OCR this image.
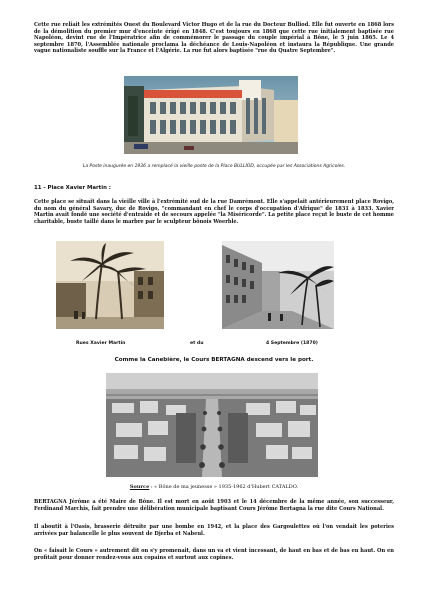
Cette rue reliait les extrémités Ouest du Boulevard Victor Hugo et de la rue du Docteur Bulliod. Elle fut ouverte en 1868 lors de la démolition du premier mur d'enceinte érigé en 1848. C'est toujours en 1868 que cette rue initialement baptisée rue Napoléon, devint rue de l'Impératrice afin de commémorer le passage du couple impérial à Bône, le 5 juin 1865. Le 4 septembre 1870, l'Assemblée nationale proclama la déchéance de Louis-Napoléon et instaura la République. Une grande vague nationaliste souffle sur la France et l'Algérie. La rue fut alors baptisée "rue du Quatre Septembre".
La Poste inaugurée en 1936 a remplacé la vieille poste de la Place BULLIOD, occupée par les Associations Agricoles.
11 - Place Xavier Martin :
Cette place se situait dans la vieille ville à l'extrémité sud de la rue Damrémont. Elle s'appelait antérieurement place Rovigo, du nom du général Savary, duc de Rovigo, "commandant en chef le corps d'occupation d'Afrique" de 1831 à 1833. Xavier Martin avait fondé une société d'entraide et de secours appelée "la Miséricorde". La petite place reçut le buste de cet homme charitable, buste taillé dans le marbre par le sculpteur bônois Woerble.
Rues Xavier Martin	et du	4 Septembre (1870)
Comme la Canebière, le Cours BERTAGNA descend vers le port.
Source : « Bône de ma jeunesse » 1935-1962 d'Hubert CATALDO.
BERTAGNA Jérôme a été Maire de Bône. Il est mort en août 1903 et le 14 décembre de la même année, son successeur, Ferdinand Marchis, fait prendre une délibération municipale baptisant Cours Jérôme Bertagna la rue dite Cours National.
Il aboutit à l'Oasis, brasserie détruite par une bombe en 1942, et la place des Gargoulettes où l'on vendait les poteries arrivées par balancelle le plus souvent de Djerba et Nabeul.
On « faisait le Cours » autrement dit on s'y promenait, dans un va et vient incessant, de haut en bas et de bas en haut. On en profitait pour donner rendez-vous aux copains et surtout aux copines.
